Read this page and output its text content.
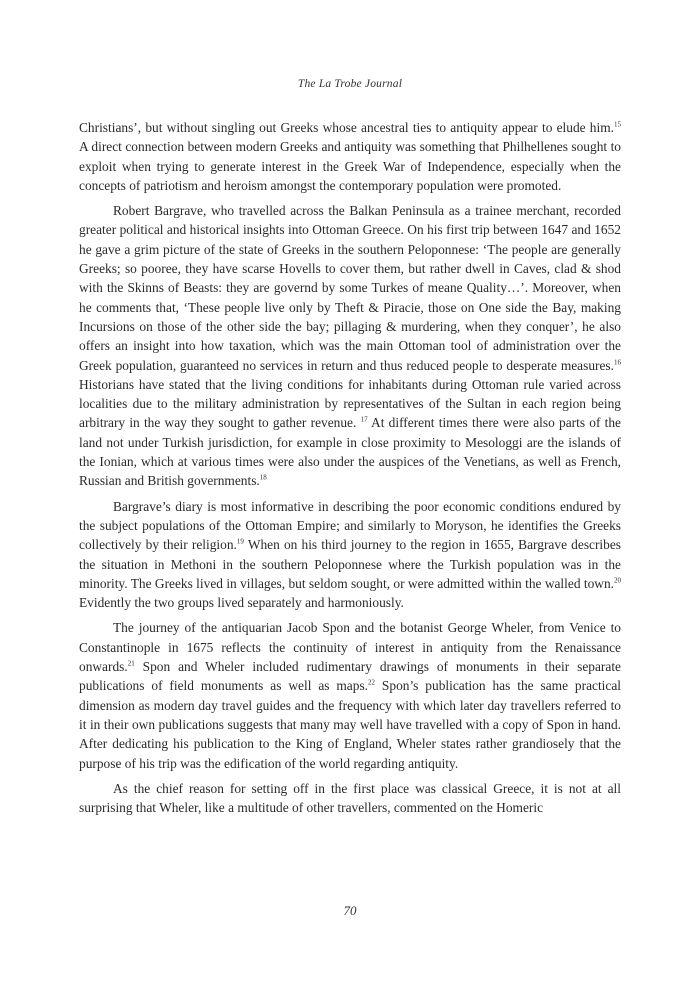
The La Trobe Journal

Christians’, but without singling out Greeks whose ancestral ties to antiquity appear to elude him.$^{15}$ A direct connection between modern Greeks and antiquity was something that Philhellenes sought to exploit when trying to generate interest in the Greek War of Independence, especially when the concepts of patriotism and heroism amongst the contemporary population were promoted.

Robert Bargrave, who travelled across the Balkan Peninsula as a trainee merchant, recorded greater political and historical insights into Ottoman Greece. On his first trip between 1647 and 1652 he gave a grim picture of the state of Greeks in the southern Peloponnese: ‘The people are generally Greeks; so pooree, they have scarse Hovells to cover them, but rather dwell in Caves, clad & shod with the Skinns of Beasts: they are governd by some Turkes of meane Quality…’. Moreover, when he comments that, ‘These people live only by Theft & Piracie, those on One side the Bay, making Incursions on those of the other side the bay; pillaging & murdering, when they conquer’, he also offers an insight into how taxation, which was the main Ottoman tool of administration over the Greek population, guaranteed no services in return and thus reduced people to desperate measures.$^{16}$ Historians have stated that the living conditions for inhabitants during Ottoman rule varied across localities due to the military administration by representatives of the Sultan in each region being arbitrary in the way they sought to gather revenue. $^{17}$ At different times there were also parts of the land not under Turkish jurisdiction, for example in close proximity to Mesologgi are the islands of the Ionian, which at various times were also under the auspices of the Venetians, as well as French, Russian and British governments.$^{18}$

Bargrave’s diary is most informative in describing the poor economic conditions endured by the subject populations of the Ottoman Empire; and similarly to Moryson, he identifies the Greeks collectively by their religion.$^{19}$ When on his third journey to the region in 1655, Bargrave describes the situation in Methoni in the southern Peloponnese where the Turkish population was in the minority. The Greeks lived in villages, but seldom sought, or were admitted within the walled town.$^{20}$ Evidently the two groups lived separately and harmoniously.

The journey of the antiquarian Jacob Spon and the botanist George Wheler, from Venice to Constantinople in 1675 reflects the continuity of interest in antiquity from the Renaissance onwards.$^{21}$ Spon and Wheler included rudimentary drawings of monuments in their separate publications of field monuments as well as maps.$^{22}$ Spon’s publication has the same practical dimension as modern day travel guides and the frequency with which later day travellers referred to it in their own publications suggests that many may well have travelled with a copy of Spon in hand. After dedicating his publication to the King of England, Wheler states rather grandiosely that the purpose of his trip was the edification of the world regarding antiquity.

As the chief reason for setting off in the first place was classical Greece, it is not at all surprising that Wheler, like a multitude of other travellers, commented on the Homeric

70
